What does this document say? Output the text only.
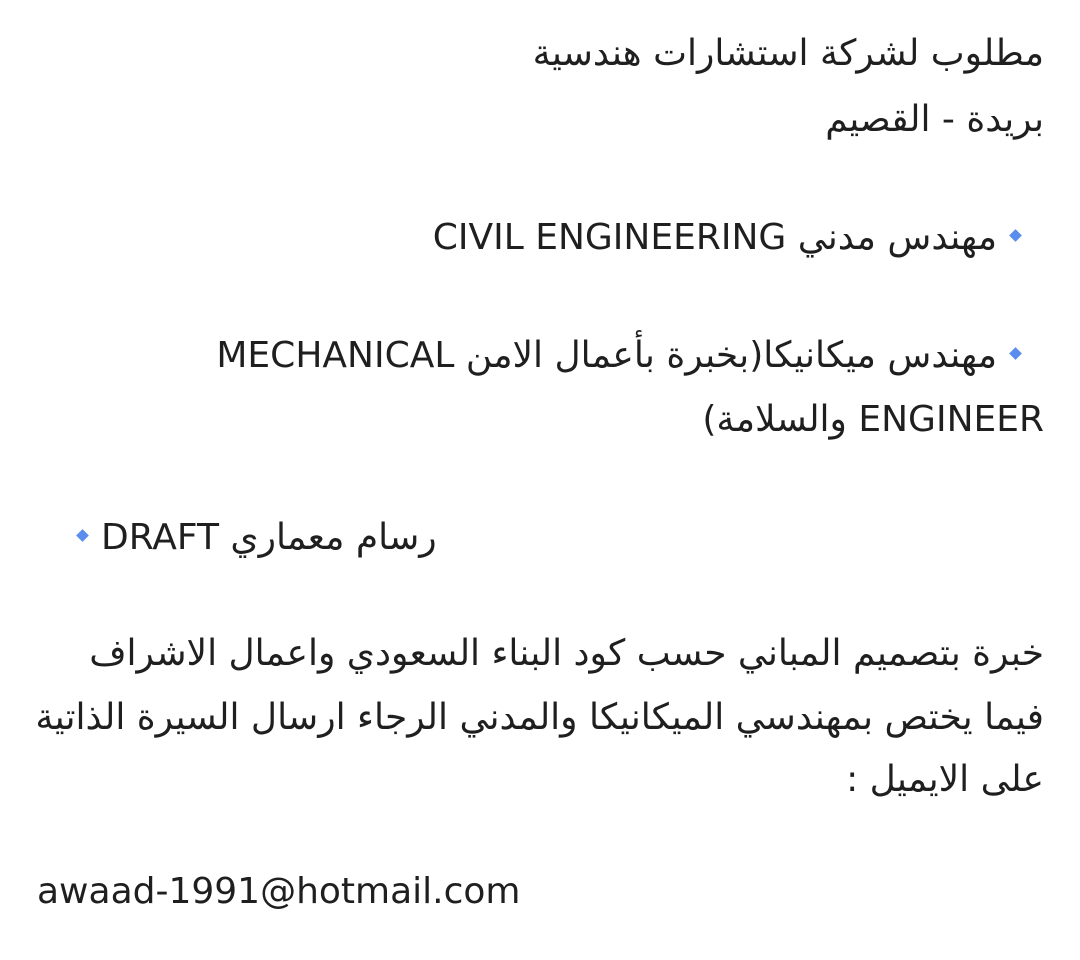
مطلوب لشركة استشارات هندسية
بريدة - القصيم
مهندس مدني CIVIL ENGINEERING
مهندس ميكانيكا(بخبرة بأعمال الامن MECHANICAL
ENGINEER والسلامة)
رسام معماري DRAFT
خبرة بتصميم المباني حسب كود البناء السعودي واعمال الاشراف
فيما يختص بمهندسي الميكانيكا والمدني الرجاء ارسال السيرة الذاتية
على الايميل :
awaad-1991@hotmail.com
